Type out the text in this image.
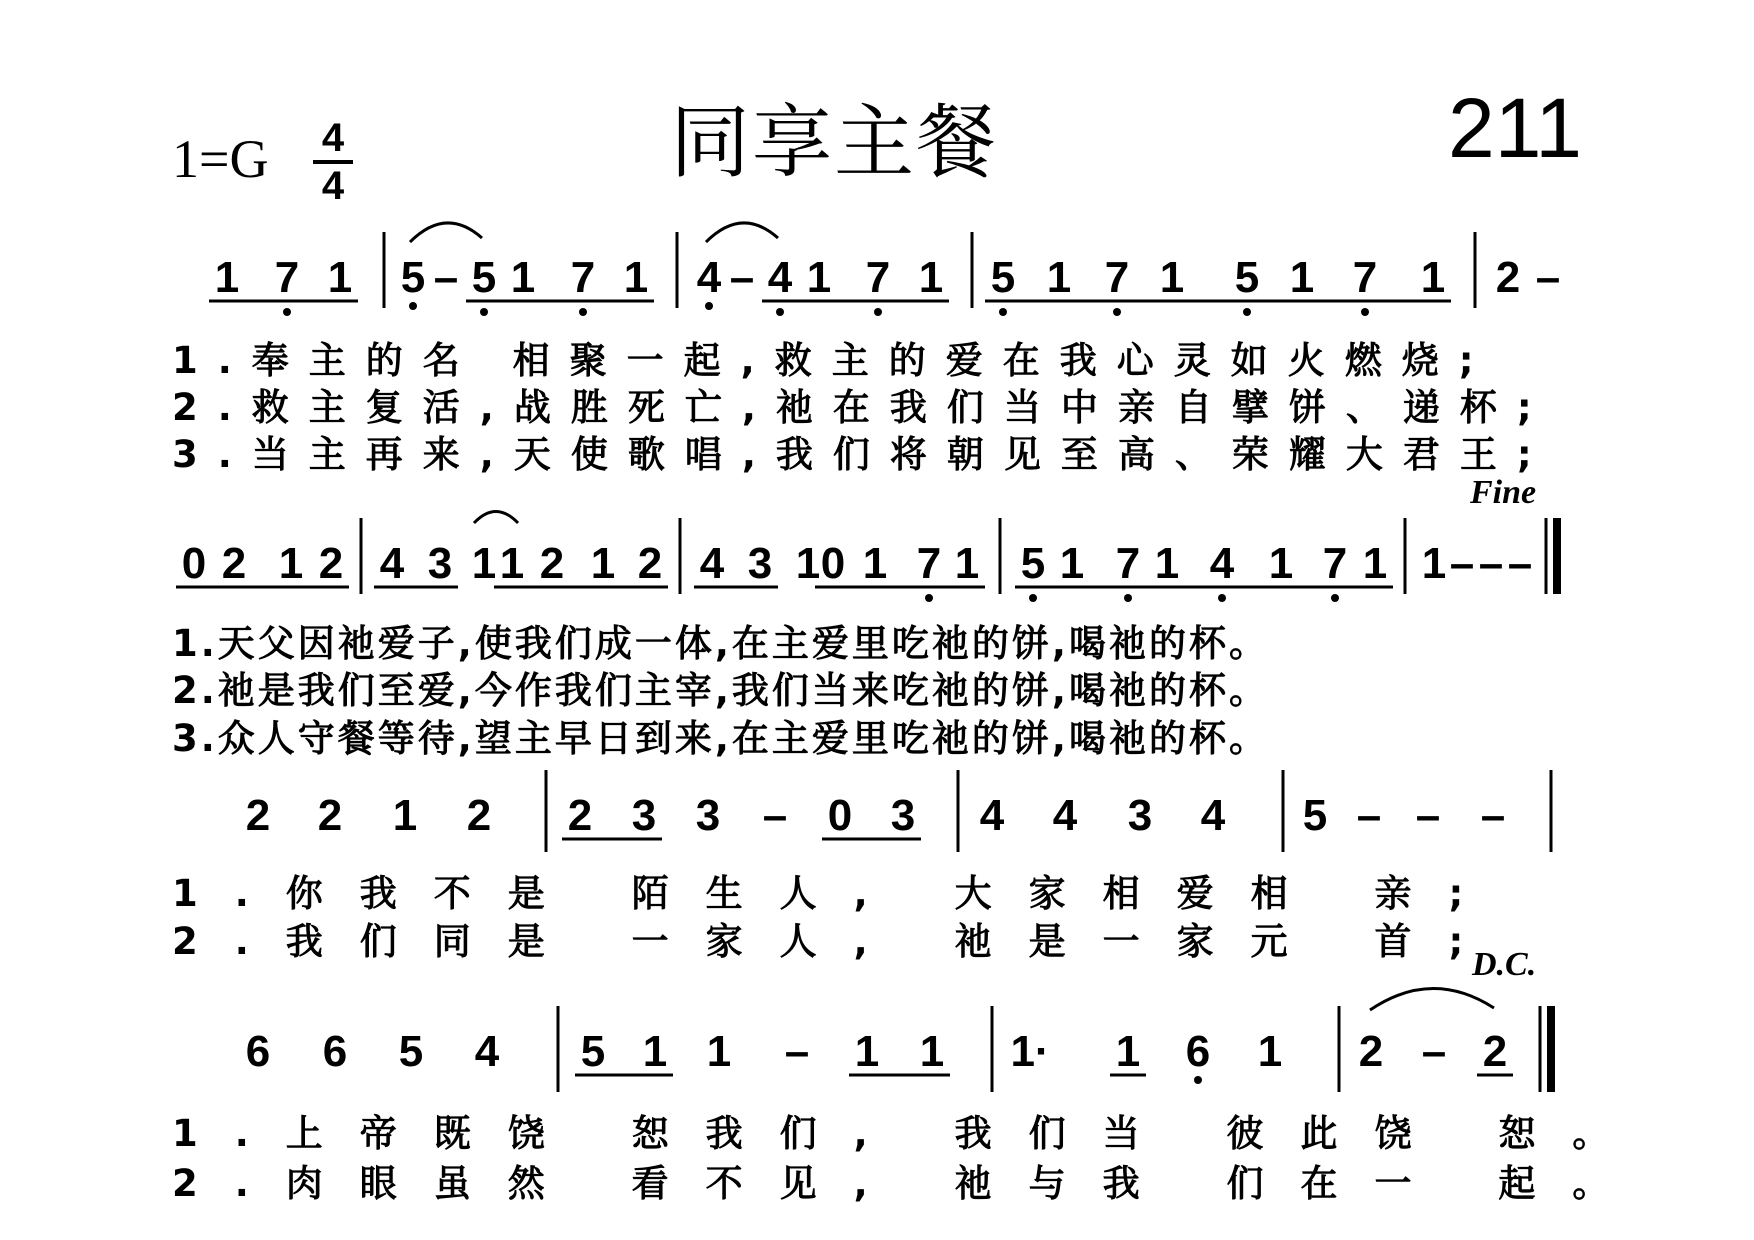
同享主餐	211
1=G 4
4
1.奉主的名 相聚一起,救主的爱在我心灵如火燃烧;
2.救主复活,战胜死亡,祂在我们当中亲自擘饼、递杯;
3.当主再来,天使歌唱,我们将朝见至高、荣耀大君王;
Fine
1.天父因祂爱子,使我们成一体,在主爱里吃祂的饼,喝祂的杯。
2.祂是我们至爱,今作我们主宰,我们当来吃祂的饼,喝祂的杯。
3.众人守餐等待,望主早日到来,在主爱里吃祂的饼,喝祂的杯。
1.你我不是 陌生人, 大家相爱相 亲;
2.我们同是 一家人, 祂是一家元 首;
D.C.
1.上帝既饶 恕我们, 我们当 彼此饶 恕。
2.肉眼虽然 看不见, 祂与我 们在一 起。
1 7 1 5 – 5 1 7 1 4 – 4 1 7 1 5 1 7 1 5 1 7 1 2 –
0 2 1 2 4 3 1 1 2 1 2 4 3 1 0 1 7 1 5 1 7 1 4 1 7 1 1 – – –
2 2 1 2 2 3 3 – 0 3 4 4 3 4 5 – – –
6 6 5 4 5 1 1 – 1 1 1· 1 6 1 2 – 2
